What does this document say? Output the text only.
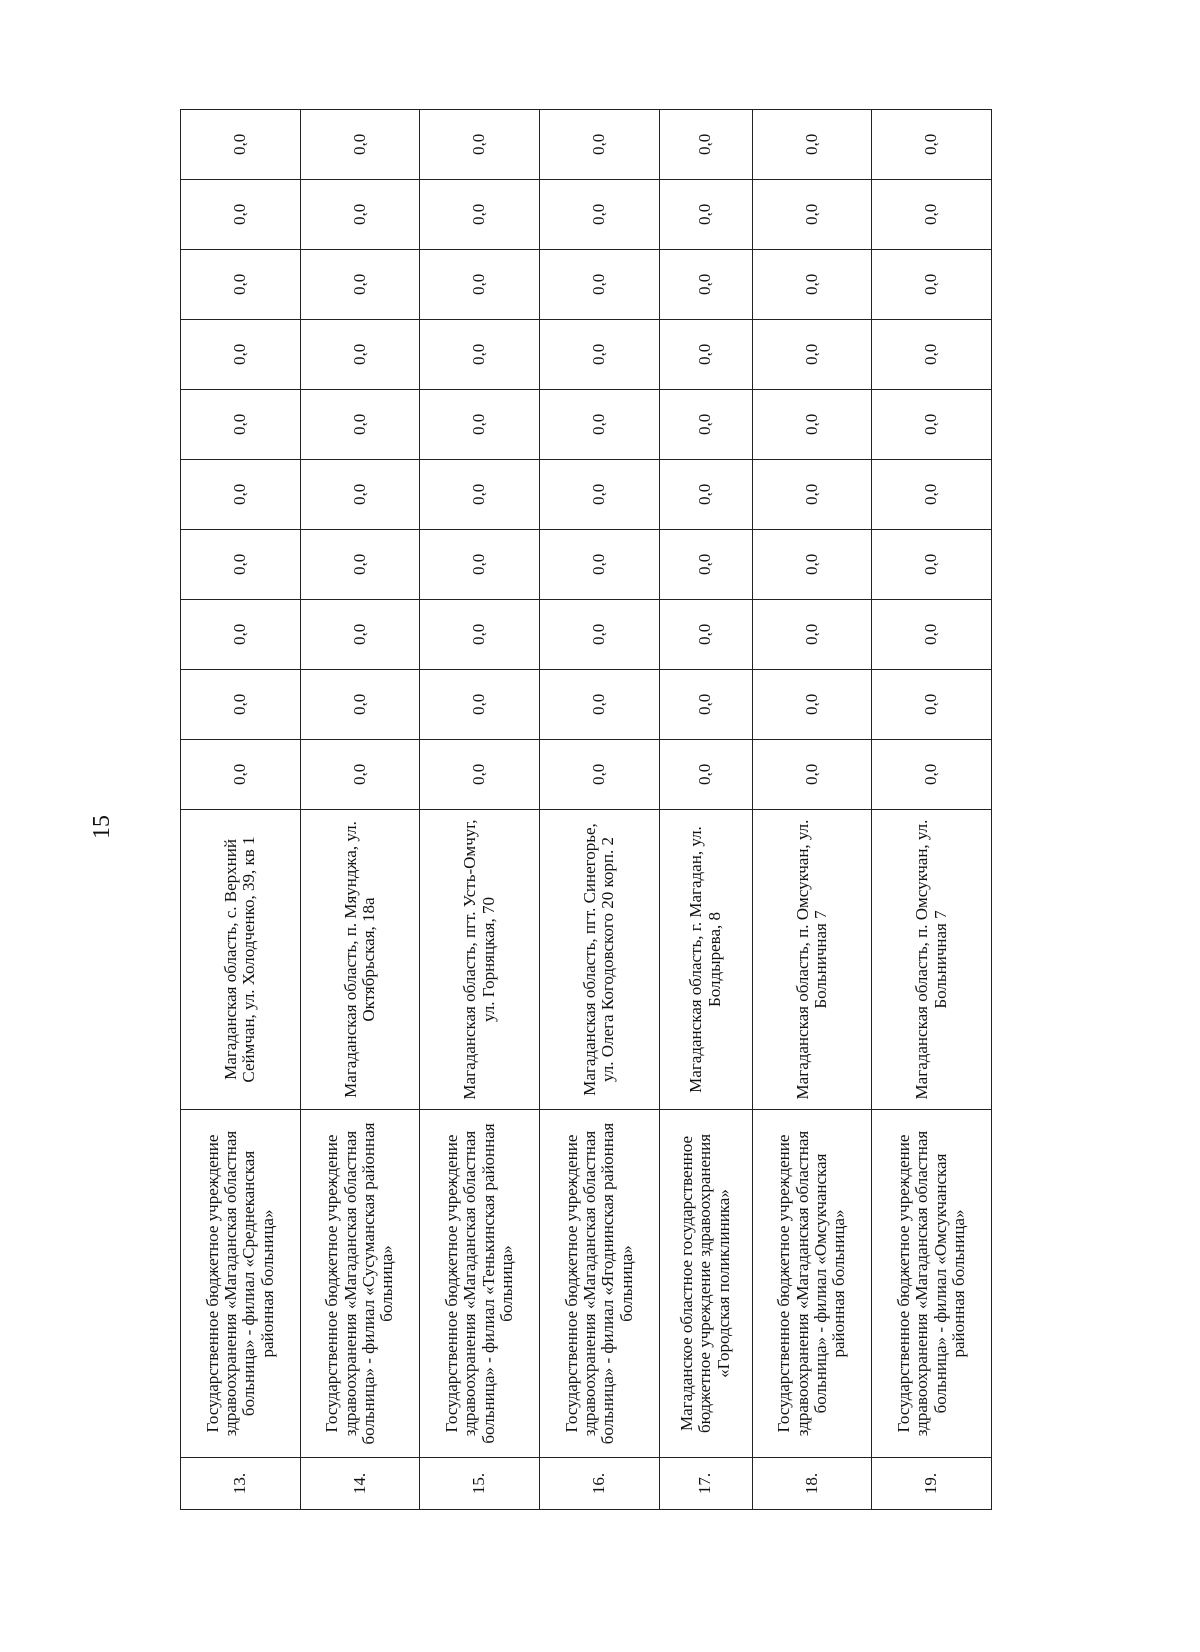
15
13.	Государственное бюджетное учреждение здравоохранения «Магаданская областная больница» - филиал «Среднеканская районная больница»	Магаданская область, с. Верхний Сеймчан, ул. Холодченко, 39, кв 1	0,0	0,0	0,0	0,0	0,0	0,0	0,0	0,0	0,0	0,0
14.	Государственное бюджетное учреждение здравоохранения «Магаданская областная больница» - филиал «Сусуманская районная больница»	Магаданская область, п. Мяунджа, ул. Октябрьская, 18а	0,0	0,0	0,0	0,0	0,0	0,0	0,0	0,0	0,0	0,0
15.	Государственное бюджетное учреждение здравоохранения «Магаданская областная больница» - филиал «Тенькинская районная больница»	Магаданская область, пгт. Усть-Омчуг, ул. Горняцкая, 70	0,0	0,0	0,0	0,0	0,0	0,0	0,0	0,0	0,0	0,0
16.	Государственное бюджетное учреждение здравоохранения «Магаданская областная больница» - филиал «Ягоднинская районная больница»	Магаданская область, пгт. Синегорье, ул. Олега Когодовского 20 корп. 2	0,0	0,0	0,0	0,0	0,0	0,0	0,0	0,0	0,0	0,0
17.	Магаданское областное государственное бюджетное учреждение здравоохранения «Городская поликлиника»	Магаданская область, г. Магадан, ул. Болдырева, 8	0,0	0,0	0,0	0,0	0,0	0,0	0,0	0,0	0,0	0,0
18.	Государственное бюджетное учреждение здравоохранения «Магаданская областная больница» - филиал «Омсукчанская районная больница»	Магаданская область, п. Омсукчан, ул. Больничная 7	0,0	0,0	0,0	0,0	0,0	0,0	0,0	0,0	0,0	0,0
19.	Государственное бюджетное учреждение здравоохранения «Магаданская областная больница» - филиал «Омсукчанская районная больница»	Магаданская область, п. Омсукчан, ул. Больничная 7	0,0	0,0	0,0	0,0	0,0	0,0	0,0	0,0	0,0	0,0
